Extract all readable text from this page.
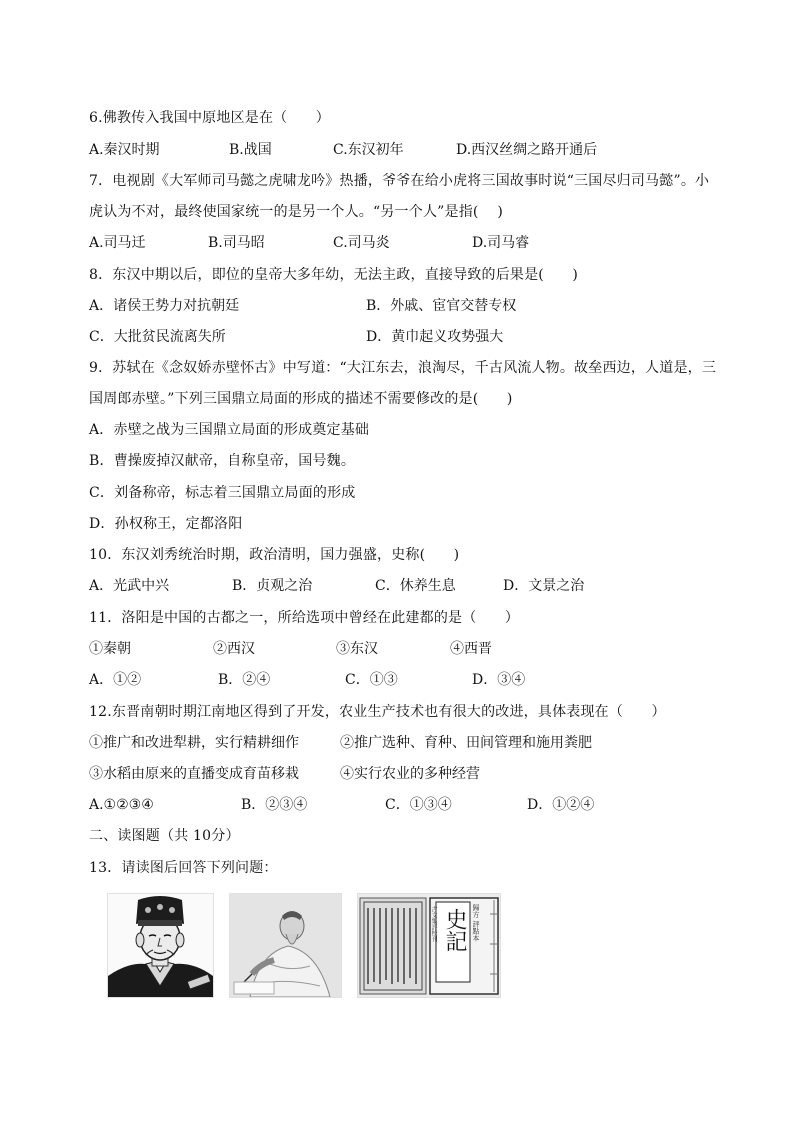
6.佛教传入我国中原地区是在（　　）
A.秦汉时期	B.战国	C.东汉初年	D.西汉丝绸之路开通后
7．电视剧《大军师司马懿之虎啸龙吟》热播，爷爷在给小虎将三国故事时说“三国尽归司马懿”。小
虎认为不对，最终使国家统一的是另一个人。“另一个人”是指(　 )
A.司马迁	B.司马昭	C.司马炎	D.司马睿
8．东汉中期以后，即位的皇帝大多年幼，无法主政，直接导致的后果是(　　)
A．诸侯王势力对抗朝廷	B．外戚、宦官交替专权
C．大批贫民流离失所	D．黄巾起义攻势强大
9．苏轼在《念奴娇赤壁怀古》中写道：“大江东去，浪淘尽，千古风流人物。故垒西边，人道是，三
国周郎赤壁。”下列三国鼎立局面的形成的描述不需要修改的是(　　)
A．赤壁之战为三国鼎立局面的形成奠定基础
B．曹操废掉汉献帝，自称皇帝，国号魏。
C．刘备称帝，标志着三国鼎立局面的形成
D．孙权称王，定都洛阳
10．东汉刘秀统治时期，政治清明，国力强盛，史称(　　)
A．光武中兴	B．贞观之治	C．休养生息	D．文景之治
11．洛阳是中国的古都之一，所给选项中曾经在此建都的是（　　）
①秦朝	②西汉	③东汉	④西晋
A．①②	B．②④	C．①③	D．③④
12.东晋南朝时期江南地区得到了开发，农业生产技术也有很大的改进，具体表现在（　　）
①推广和改进犁耕，实行精耕细作	②推广选种、育种、田间管理和施用粪肥
③水稻由原来的直播变成育苗移栽	④实行农业的多种经营
A.①②③④	B．②③④	C．①③④	D．①②④
二、读图题（共 10分）
13．请读图后回答下列问题：
史記 歸方 評點本
古文集評校刊
